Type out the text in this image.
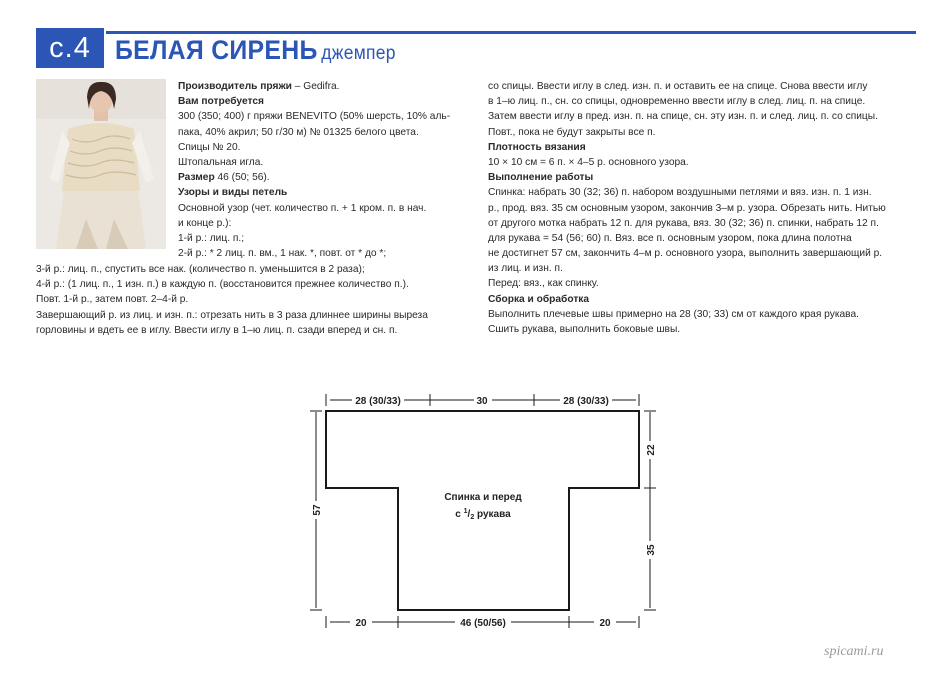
с.4 БЕЛАЯ СИРЕНЬ джемпер

Производитель пряжи – Gedifra.

Вам потребуется

300 (350; 400) г пряжи BENEVITO (50% шерсть, 10% аль-

пака, 40% акрил; 50 г/30 м) № 01325 белого цвета.

Спицы № 20.

Штопальная игла.

Размер 46 (50; 56).

Узоры и виды петель

Основной узор (чет. количество п. + 1 кром. п. в нач.

и конце р.):

1-й р.: лиц. п.;

2-й р.: * 2 лиц. п. вм., 1 нак. *, повт. от * до *;

3-й р.: лиц. п., спустить все нак. (количество п. уменьшится в 2 раза);

4-й р.: (1 лиц. п., 1 изн. п.) в каждую п. (восстановится прежнее количество п.).

Повт. 1-й р., затем повт. 2–4-й р.

Завершающий р. из лиц. и изн. п.: отрезать нить в 3 раза длиннее ширины выреза

горловины и вдеть ее в иглу. Ввести иглу в 1–ю лиц. п. сзади вперед и сн. п.

со спицы. Ввести иглу в след. изн. п. и оставить ее на спице. Снова ввести иглу

в 1–ю лиц. п., сн. со спицы, одновременно ввести иглу в след. лиц. п. на спице.

Затем ввести иглу в пред. изн. п. на спице, сн. эту изн. п. и след. лиц. п. со спицы.

Повт., пока не будут закрыты все п.

Плотность вязания

10 × 10 см = 6 п. × 4–5 р. основного узора.

Выполнение работы

Спинка: набрать 30 (32; 36) п. набором воздушными петлями и вяз. изн. п. 1 изн.

р., прод. вяз. 35 см основным узором, закончив 3–м р. узора. Обрезать нить. Нитью

от другого мотка набрать 12 п. для рукава, вяз. 30 (32; 36) п. спинки, набрать 12 п.

для рукава = 54 (56; 60) п. Вяз. все п. основным узором, пока длина полотна

не достигнет 57 см, закончить 4–м р. основного узора, выполнить завершающий р.

из лиц. и изн. п.

Перед: вяз., как спинку.

Сборка и обработка

Выполнить плечевые швы примерно на 28 (30; 33) см от каждого края рукава.

Сшить рукава, выполнить боковые швы.

28 (30/33)	30	28 (30/33)
22
35
57
20	46 (50/56)	20
Спинка и перед
с $^1/_2$ рукава
spicami.ru
